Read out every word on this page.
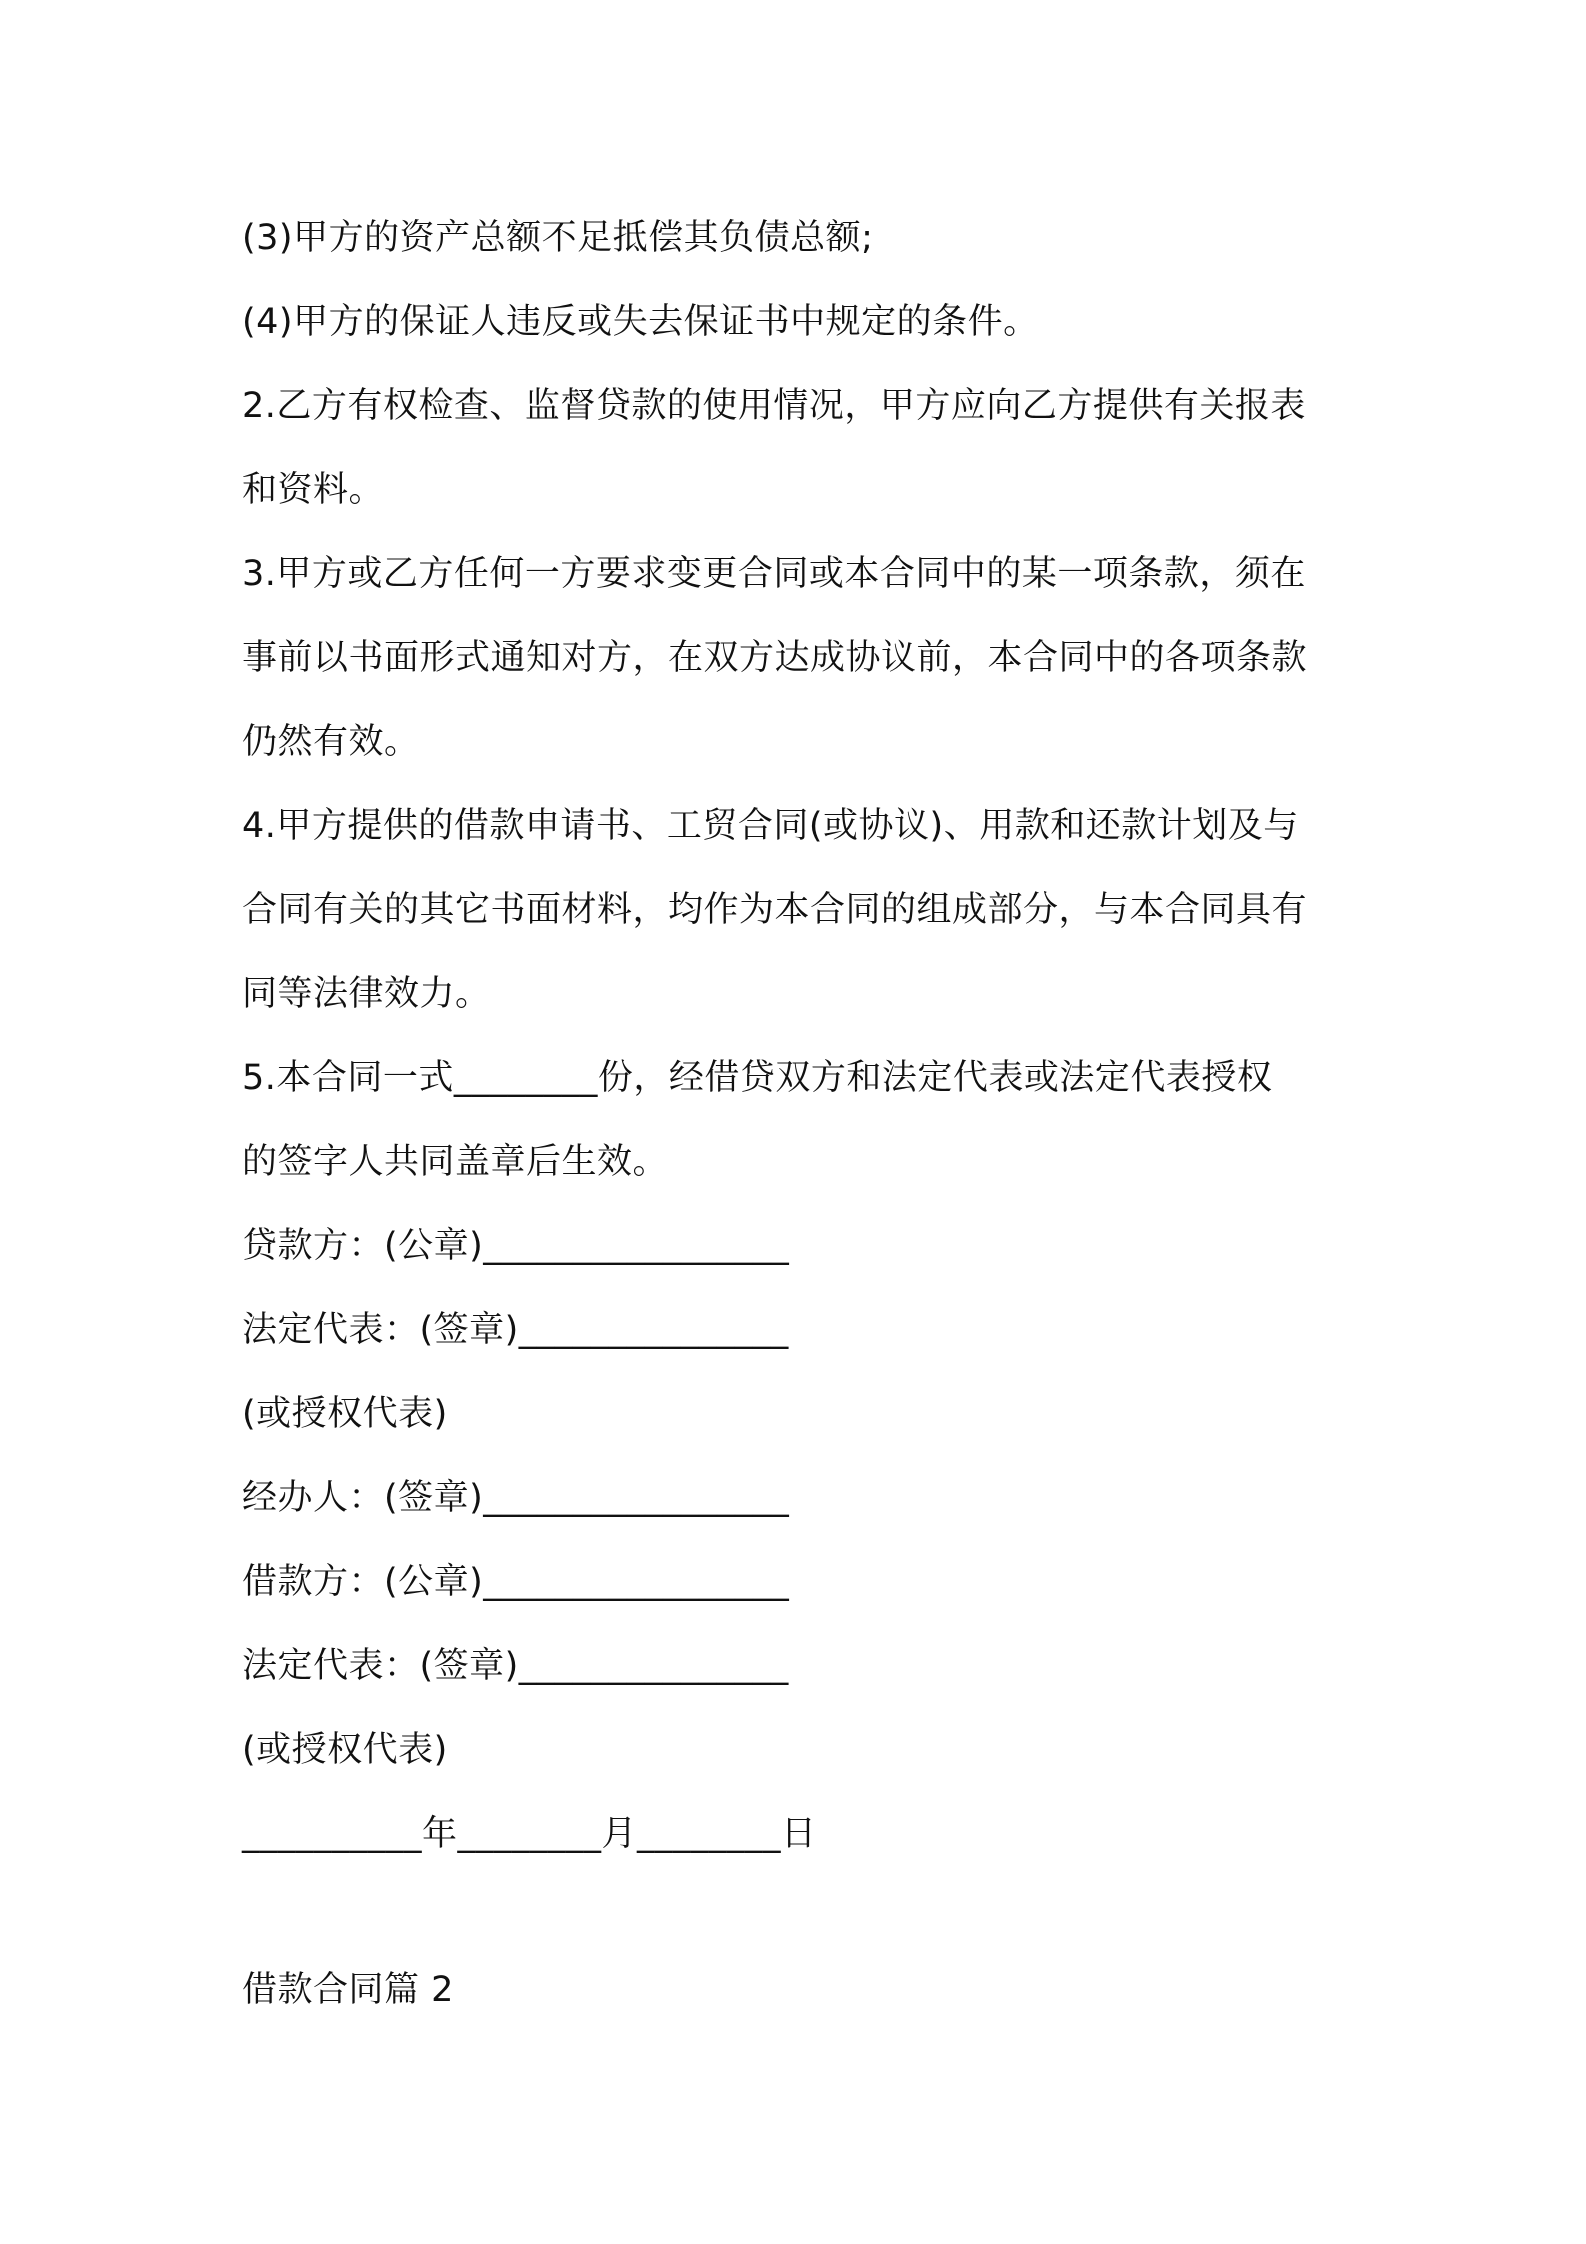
(3)甲方的资产总额不足抵偿其负债总额;
(4)甲方的保证人违反或失去保证书中规定的条件。
2.乙方有权检查、监督贷款的使用情况，甲方应向乙方提供有关报表
和资料。
3.甲方或乙方任何一方要求变更合同或本合同中的某一项条款，须在
事前以书面形式通知对方，在双方达成协议前，本合同中的各项条款
仍然有效。
4.甲方提供的借款申请书、工贸合同(或协议)、用款和还款计划及与
合同有关的其它书面材料，均作为本合同的组成部分，与本合同具有
同等法律效力。
5.本合同一式________份，经借贷双方和法定代表或法定代表授权
的签字人共同盖章后生效。
贷款方：(公章)_________________
法定代表：(签章)_______________
(或授权代表)
经办人：(签章)_________________
借款方：(公章)_________________
法定代表：(签章)_______________
(或授权代表)
__________年________月________日
借款合同篇 2
